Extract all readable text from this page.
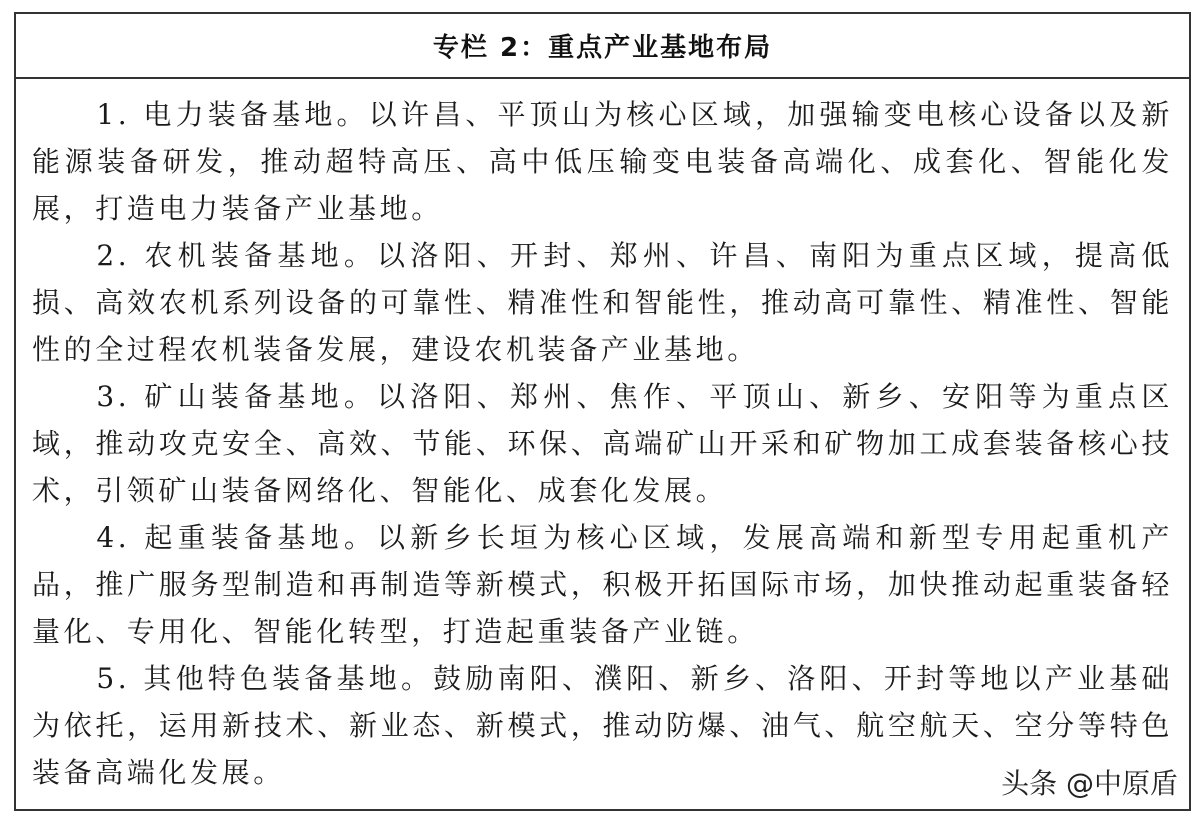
专栏 2：重点产业基地布局

1. 电力装备基地。以许昌、平顶山为核心区域，加强输变电核心设备以及新能源装备研发，推动超特高压、高中低压输变电装备高端化、成套化、智能化发展，打造电力装备产业基地。

2. 农机装备基地。以洛阳、开封、郑州、许昌、南阳为重点区域，提高低损、高效农机系列设备的可靠性、精准性和智能性，推动高可靠性、精准性、智能性的全过程农机装备发展，建设农机装备产业基地。

3. 矿山装备基地。以洛阳、郑州、焦作、平顶山、新乡、安阳等为重点区域，推动攻克安全、高效、节能、环保、高端矿山开采和矿物加工成套装备核心技术，引领矿山装备网络化、智能化、成套化发展。

4. 起重装备基地。以新乡长垣为核心区域，发展高端和新型专用起重机产品，推广服务型制造和再制造等新模式，积极开拓国际市场，加快推动起重装备轻量化、专用化、智能化转型，打造起重装备产业链。

5. 其他特色装备基地。鼓励南阳、濮阳、新乡、洛阳、开封等地以产业基础为依托，运用新技术、新业态、新模式，推动防爆、油气、航空航天、空分等特色装备高端化发展。	头条 @中原盾
